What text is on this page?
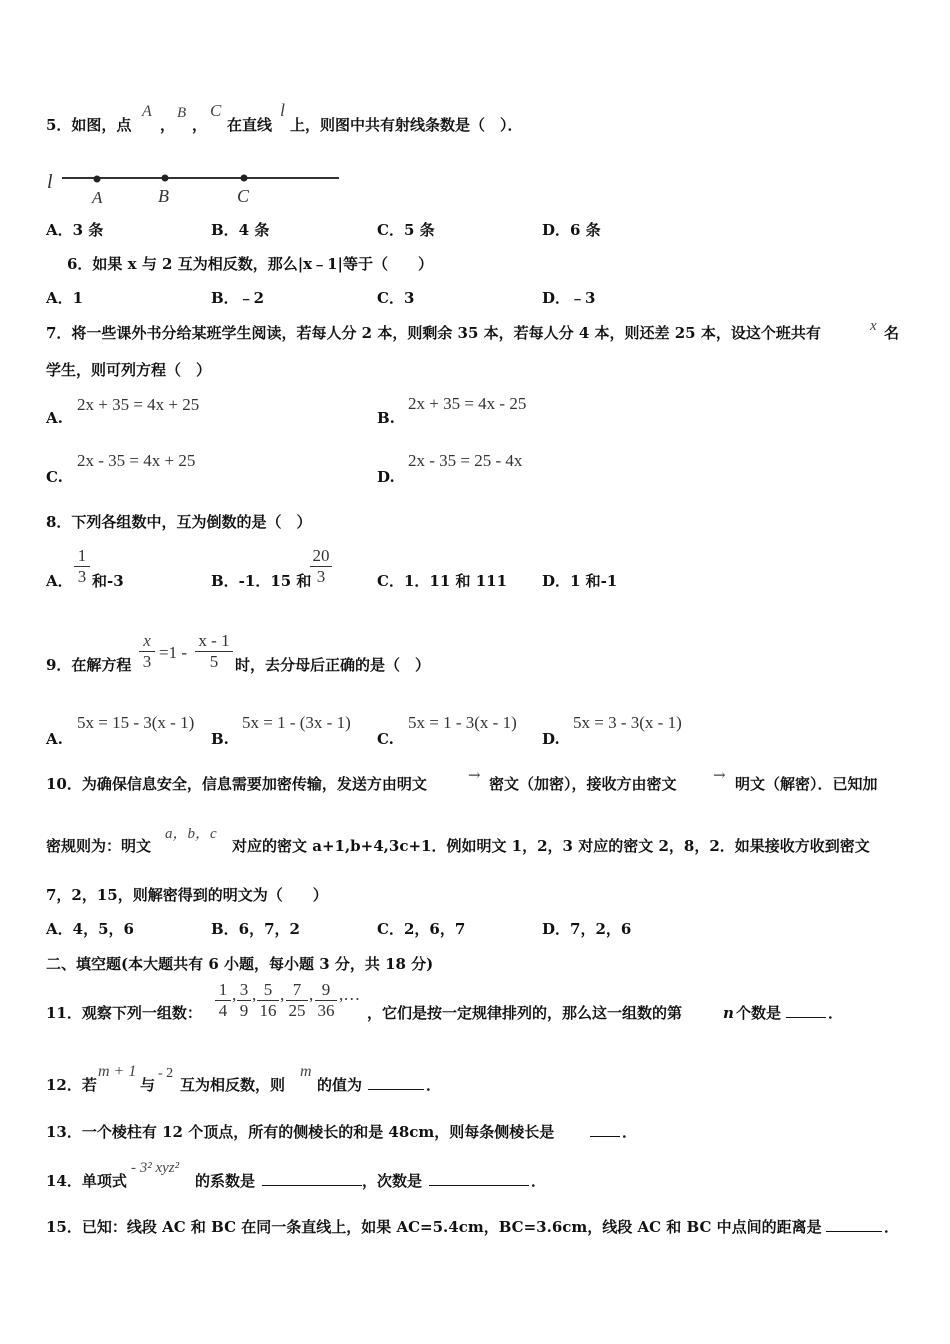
5．如图，点
A
，
B
，
C
在直线
l
上，则图中共有射线条数是（　）．
l
A	B	C
A．3 条	B．4 条	C．5 条	D．6 条
6．如果 x 与 2 互为相反数，那么|x﹣1|等于（　　）
A．1	B．﹣2	C．3	D．﹣3
7．将一些课外书分给某班学生阅读，若每人分 2 本，则剩余 35 本，若每人分 4 本，则还差 25 本，设这个班共有	x 名
学生，则可列方程（　）
A.
2x + 35 = 4x + 25
B.
2x + 35 = 4x - 25
C.
2x - 35 = 4x + 25
D.
2x - 35 = 25 - 4x
8．下列各组数中，互为倒数的是（　）
A．
1
3 和-3	B．-1．15 和
20
3	C．1．11 和 111 D．1 和-1
9．在解方程
x
3 =1 -
x - 1
5	时，去分母后正确的是（　）
A.
5x = 15 - 3(x - 1)
B.
5x = 1 - (3x - 1)
C.
5x = 1 - 3(x - 1)
D.
5x = 3 - 3(x - 1)
10．为确保信息安全，信息需要加密传输，发送方由明文	→ 密文（加密），接收方由密文 → 明文（解密）．已知加
密规则为：明文
a，b，c
对应的密文 a+1,b+4,3c+1．例如明文 1，2，3 对应的密文 2，8，2．如果接收方收到密文
7，2，15，则解密得到的明文为（　　）
A．4，5，6	B．6，7，2	C．2，6，7	D．7，2，6
二、填空题(本大题共有 6 小题，每小题 3 分，共 18 分)
11．观察下列一组数：
1
4
, 3
9
, 5
16
, 7
25
, 9
36
,…
，它们是按一定规律排列的，那么这一组数的第	n 个数是	．
12．若
m + 1
与
- 2
互为相反数，则
m
的值为	．
13．一个棱柱有 12 个顶点，所有的侧棱长的和是 48cm，则每条侧棱长是	．
14．单项式
- 3² xyz²
的系数是	，次数是	．
15．已知：线段 AC 和 BC 在同一条直线上，如果 AC=5.4cm，BC=3.6cm，线段 AC 和 BC 中点间的距离是	．
